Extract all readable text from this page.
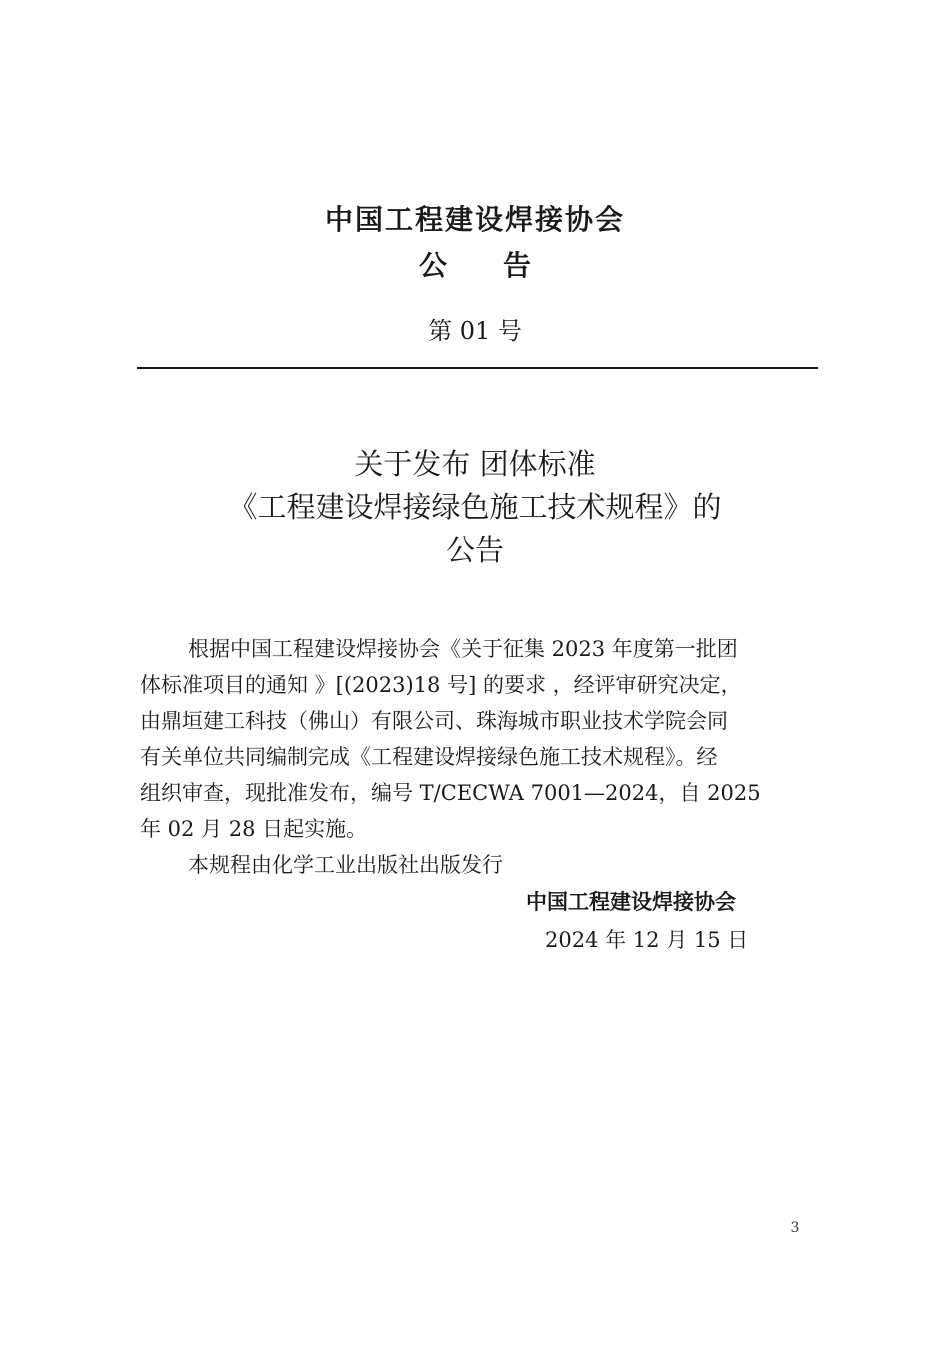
中国工程建设焊接协会
公　　告
第 01 号
关于发布 团体标准
《工程建设焊接绿色施工技术规程》的
公告
根据中国工程建设焊接协会《关于征集 2023 年度第一批团
体标准项目的通知 》[(2023)18 号] 的要求 ，经评审研究决定，
由鼎垣建工科技（佛山）有限公司、珠海城市职业技术学院会同
有关单位共同编制完成《工程建设焊接绿色施工技术规程》。经
组织审查，现批准发布，编号 T/CECWA 7001—2024，自 2025
年 02 月 28 日起实施。
本规程由化学工业出版社出版发行
中国工程建设焊接协会
2024 年 12 月 15 日
3
